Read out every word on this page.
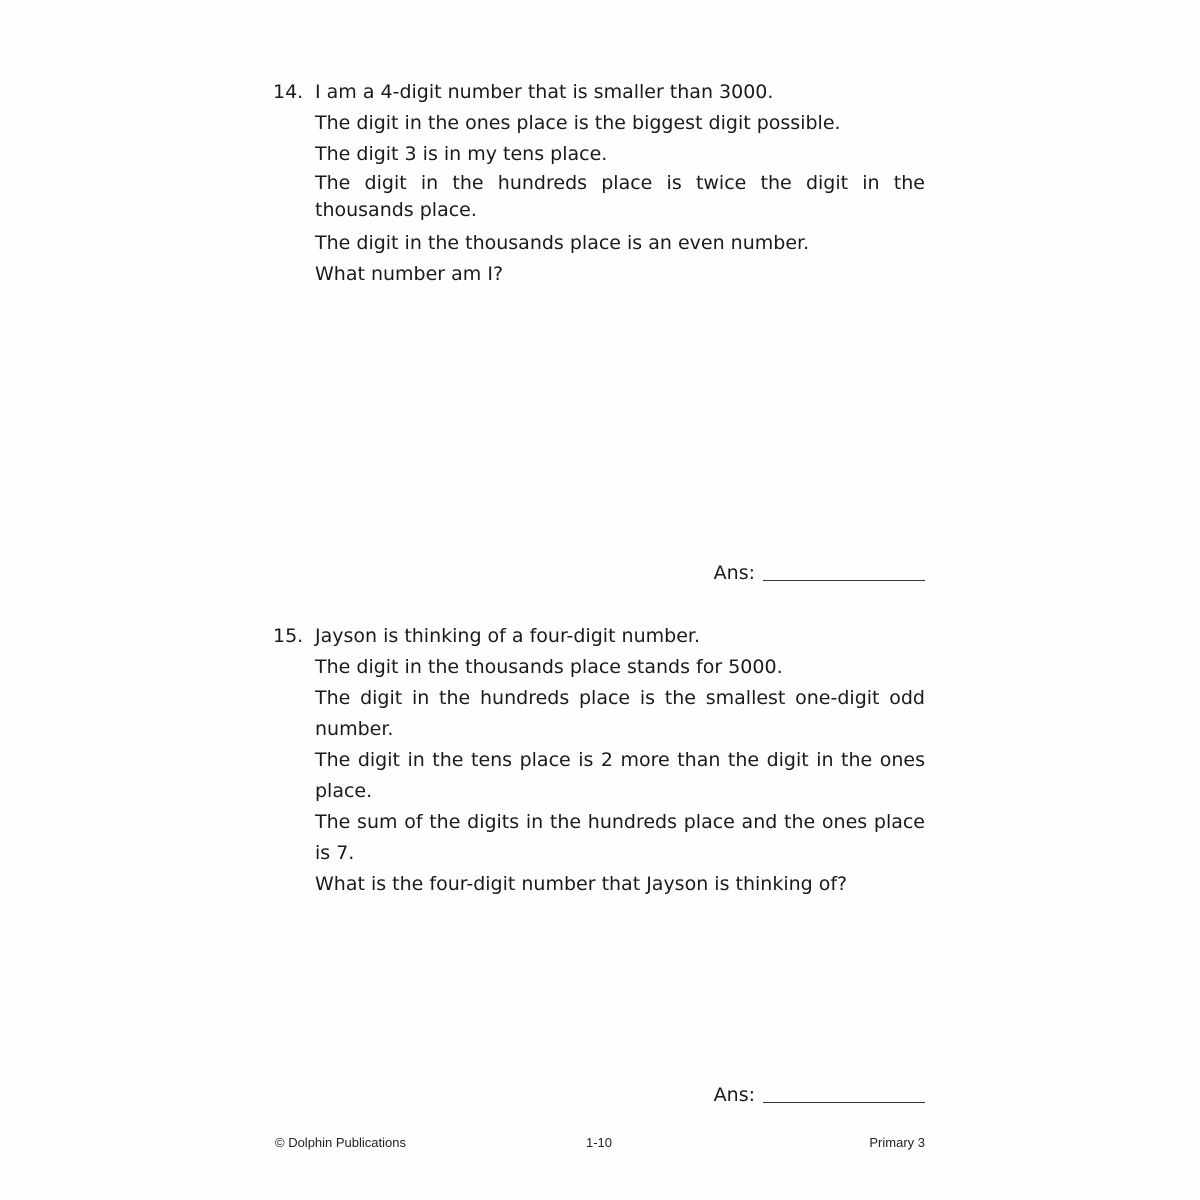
14. I am a 4-digit number that is smaller than 3000.

The digit in the ones place is the biggest digit possible.

The digit 3 is in my tens place.

The digit in the hundreds place is twice the digit in the thousands place.

The digit in the thousands place is an even number.

What number am I?

Ans:
15. Jayson is thinking of a four-digit number.

The digit in the thousands place stands for 5000.

The digit in the hundreds place is the smallest one-digit odd number.

The digit in the tens place is 2 more than the digit in the ones place.

The sum of the digits in the hundreds place and the ones place is 7.

What is the four-digit number that Jayson is thinking of?

Ans:
© Dolphin Publications	1-10	Primary 3
